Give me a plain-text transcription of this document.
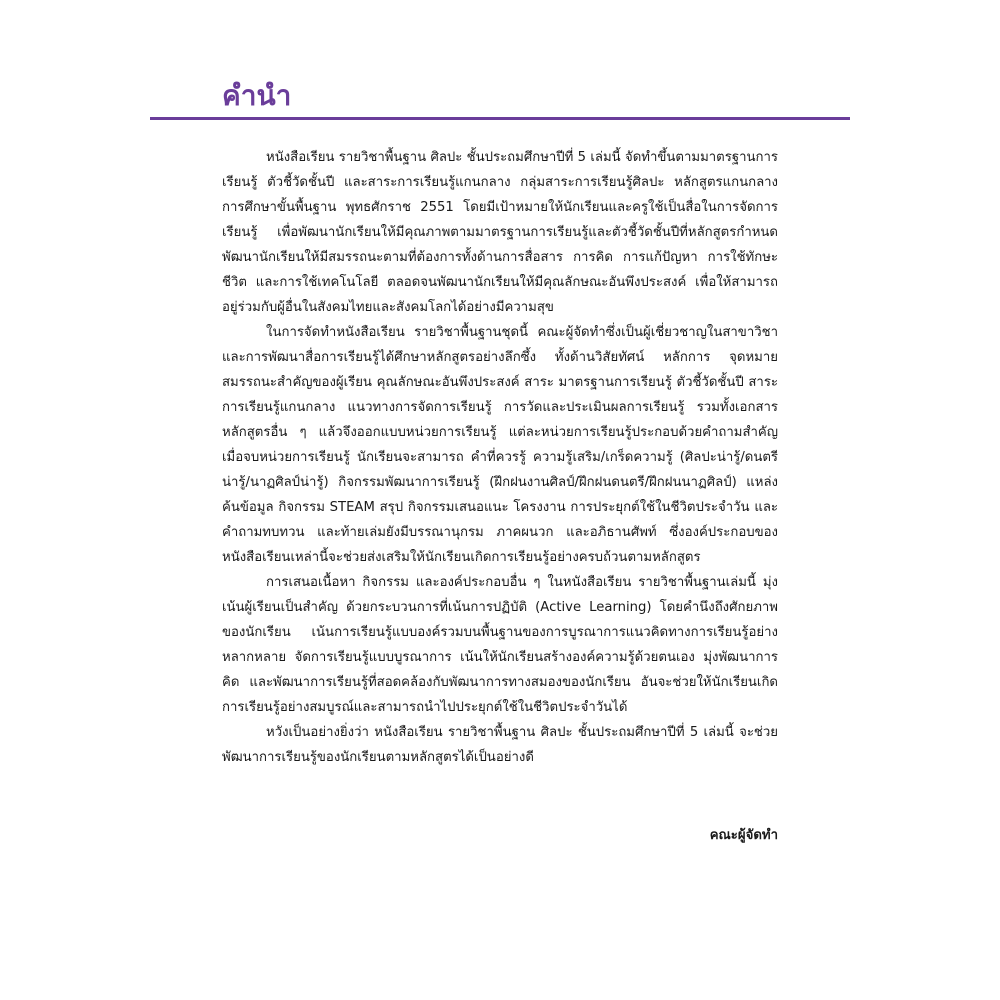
คำนำ

หนังสือเรียน รายวิชาพื้นฐาน ศิลปะ ชั้นประถมศึกษาปีที่ 5 เล่มนี้ จัดทำขึ้นตามมาตรฐานการเรียนรู้ ตัวชี้วัดชั้นปี และสาระการเรียนรู้แกนกลาง กลุ่มสาระการเรียนรู้ศิลปะ หลักสูตรแกนกลางการศึกษาขั้นพื้นฐาน พุทธศักราช 2551 โดยมีเป้าหมายให้นักเรียนและครูใช้เป็นสื่อในการจัดการเรียนรู้ เพื่อพัฒนานักเรียนให้มีคุณภาพตามมาตรฐานการเรียนรู้และตัวชี้วัดชั้นปีที่หลักสูตรกำหนด พัฒนานักเรียนให้มีสมรรถนะตามที่ต้องการทั้งด้านการสื่อสาร การคิด การแก้ปัญหา การใช้ทักษะชีวิต และการใช้เทคโนโลยี ตลอดจนพัฒนานักเรียนให้มีคุณลักษณะอันพึงประสงค์ เพื่อให้สามารถอยู่ร่วมกับผู้อื่นในสังคมไทยและสังคมโลกได้อย่างมีความสุข

ในการจัดทำหนังสือเรียน รายวิชาพื้นฐานชุดนี้ คณะผู้จัดทำซึ่งเป็นผู้เชี่ยวชาญในสาขาวิชาและการพัฒนาสื่อการเรียนรู้ได้ศึกษาหลักสูตรอย่างลึกซึ้ง ทั้งด้านวิสัยทัศน์ หลักการ จุดหมาย สมรรถนะสำคัญของผู้เรียน คุณลักษณะอันพึงประสงค์ สาระ มาตรฐานการเรียนรู้ ตัวชี้วัดชั้นปี สาระการเรียนรู้แกนกลาง แนวทางการจัดการเรียนรู้ การวัดและประเมินผลการเรียนรู้ รวมทั้งเอกสารหลักสูตรอื่น ๆ แล้วจึงออกแบบหน่วยการเรียนรู้ แต่ละหน่วยการเรียนรู้ประกอบด้วยคำถามสำคัญ เมื่อจบหน่วยการเรียนรู้ นักเรียนจะสามารถ คำที่ควรรู้ ความรู้เสริม/เกร็ดความรู้ (ศิลปะน่ารู้/ดนตรีน่ารู้/นาฏศิลป์น่ารู้) กิจกรรมพัฒนาการเรียนรู้ (ฝึกฝนงานศิลป์/ฝึกฝนดนตรี/ฝึกฝนนาฏศิลป์) แหล่งค้นข้อมูล กิจกรรม STEAM สรุป กิจกรรมเสนอแนะ โครงงาน การประยุกต์ใช้ในชีวิตประจำวัน และคำถามทบทวน และท้ายเล่มยังมีบรรณานุกรม ภาคผนวก และอภิธานศัพท์ ซึ่งองค์ประกอบของหนังสือเรียนเหล่านี้จะช่วยส่งเสริมให้นักเรียนเกิดการเรียนรู้อย่างครบถ้วนตามหลักสูตร

การเสนอเนื้อหา กิจกรรม และองค์ประกอบอื่น ๆ ในหนังสือเรียน รายวิชาพื้นฐานเล่มนี้ มุ่งเน้นผู้เรียนเป็นสำคัญ ด้วยกระบวนการที่เน้นการปฏิบัติ (Active Learning) โดยคำนึงถึงศักยภาพของนักเรียน เน้นการเรียนรู้แบบองค์รวมบนพื้นฐานของการบูรณาการแนวคิดทางการเรียนรู้อย่างหลากหลาย จัดการเรียนรู้แบบบูรณาการ เน้นให้นักเรียนสร้างองค์ความรู้ด้วยตนเอง มุ่งพัฒนาการคิด และพัฒนาการเรียนรู้ที่สอดคล้องกับพัฒนาการทางสมองของนักเรียน อันจะช่วยให้นักเรียนเกิดการเรียนรู้อย่างสมบูรณ์และสามารถนำไปประยุกต์ใช้ในชีวิตประจำวันได้

หวังเป็นอย่างยิ่งว่า หนังสือเรียน รายวิชาพื้นฐาน ศิลปะ ชั้นประถมศึกษาปีที่ 5 เล่มนี้ จะช่วยพัฒนาการเรียนรู้ของนักเรียนตามหลักสูตรได้เป็นอย่างดี

คณะผู้จัดทำ
